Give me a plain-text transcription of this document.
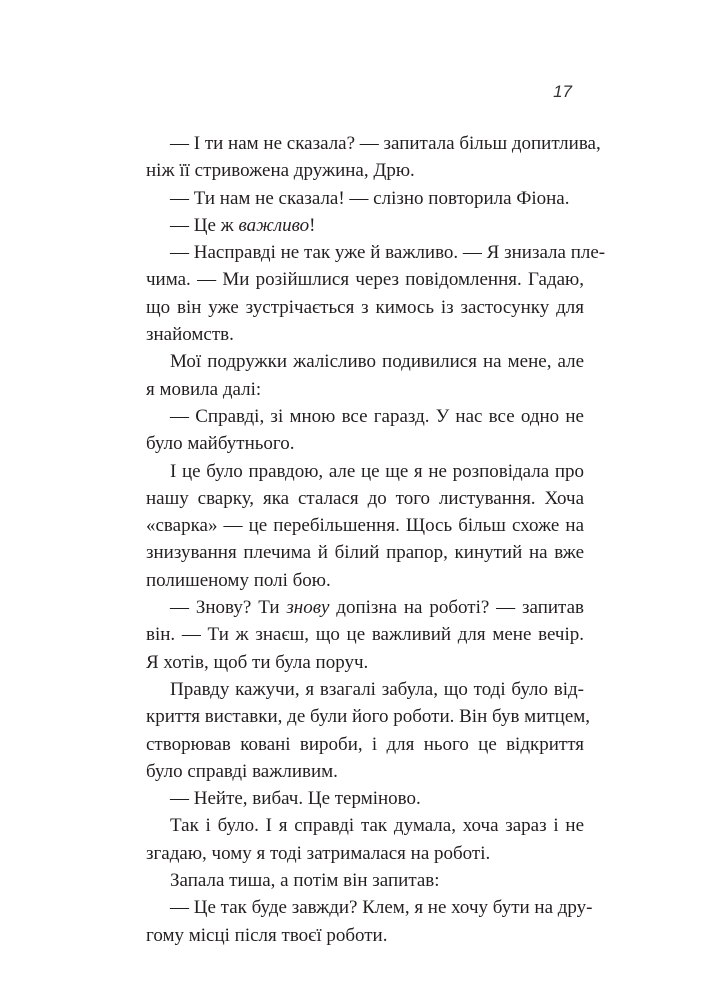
17

— І ти нам не сказала? — запитала більш допитлива,
ніж її стривожена дружина, Дрю.

— Ти нам не сказала! — слізно повторила Фіона.

— Це ж важливо!

— Насправді не так уже й важливо. — Я знизала пле-
чима. — Ми розійшлися через повідомлення. Гадаю,
що він уже зустрічається з кимось із застосунку для
знайомств.

Мої подружки жалісливо подивилися на мене, але
я мовила далі:

— Справді, зі мною все гаразд. У нас все одно не
було майбутнього.

І це було правдою, але це ще я не розповідала про
нашу сварку, яка сталася до того листування. Хоча
«сварка» — це перебільшення. Щось більш схоже на
знизування плечима й білий прапор, кинутий на вже
полишеному полі бою.

— Знову? Ти знову допізна на роботі? — запитав
він. — Ти ж знаєш, що це важливий для мене вечір.
Я хотів, щоб ти була поруч.

Правду кажучи, я взагалі забула, що тоді було від-
криття виставки, де були його роботи. Він був митцем,
створював ковані вироби, і для нього це відкриття
було справді важливим.

— Нейте, вибач. Це терміново.

Так і було. І я справді так думала, хоча зараз і не
згадаю, чому я тоді затрималася на роботі.

Запала тиша, а потім він запитав:

— Це так буде завжди? Клем, я не хочу бути на дру-
гому місці після твоєї роботи.
